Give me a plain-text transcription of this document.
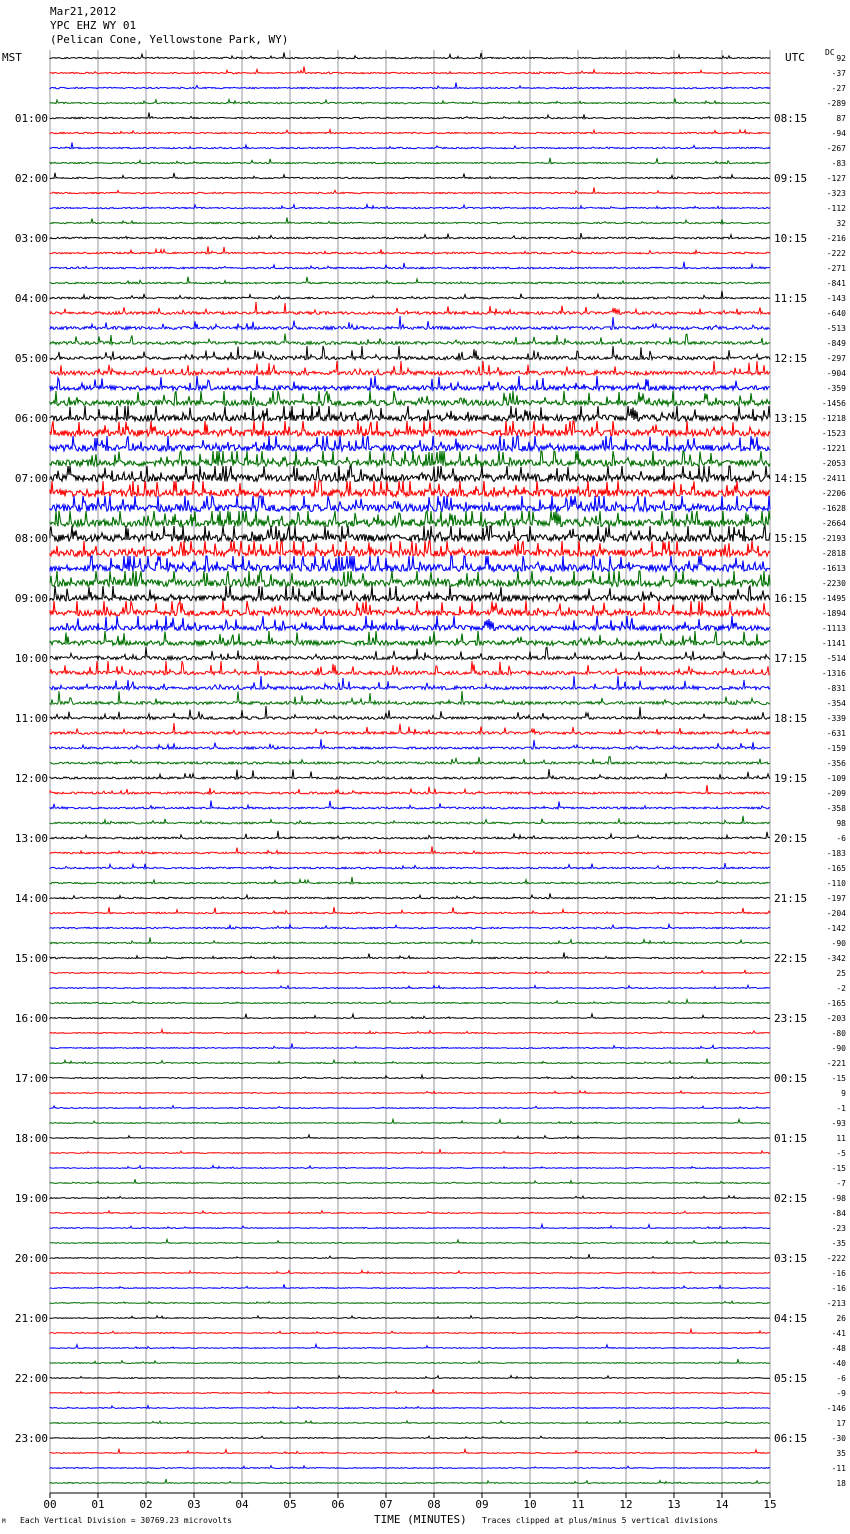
Mar21,2012
YPC EHZ WY 01
(Pelican Cone, Yellowstone Park, WY)
MST	UTC	DC
92
-37
-27
-289
87
-94
-267
-83
-127
-323
-112
32
-216
-222
-271
-841
-143
-640
-513
-849
-297
-904
-359
-1456
-1218
-1523
-1221
-2053
-2411
-2206
-1628
-2664
-2193
-2818
-1613
-2230
-1495
-1894
-1113
-1141
-514
-1316
-831
-354
-339
-631
-159
-356
-109
-209
-358
98
-6
-183
-165
-110
-197
-204
-142
-90
-342
25
-2
-165
-203
-80
-90
-221
-15
9
-1
-93
11
-5
-15
-7
-98
-84
-23
-35
-222
-16
-16
-213
26
-41
-48
-40
-6
-9
-146
17
-30
35
-11
18
01:00	08:15
02:00	09:15
03:00	10:15
04:00	11:15
05:00	12:15
06:00	13:15
07:00	14:15
08:00	15:15
09:00	16:15
10:00	17:15
11:00	18:15
12:00	19:15
13:00	20:15
14:00	21:15
15:00	22:15
16:00	23:15
17:00	00:15
18:00	01:15
19:00	02:15
20:00	03:15
21:00	04:15
22:00	05:15
23:00	06:15
00	01	02	03	04	05	06	07	08	09	10	11	12	13	14	15
M Each Vertical Division = 30769.23 microvolts	TIME (MINUTES) Traces clipped at plus/minus 5 vertical divisions
